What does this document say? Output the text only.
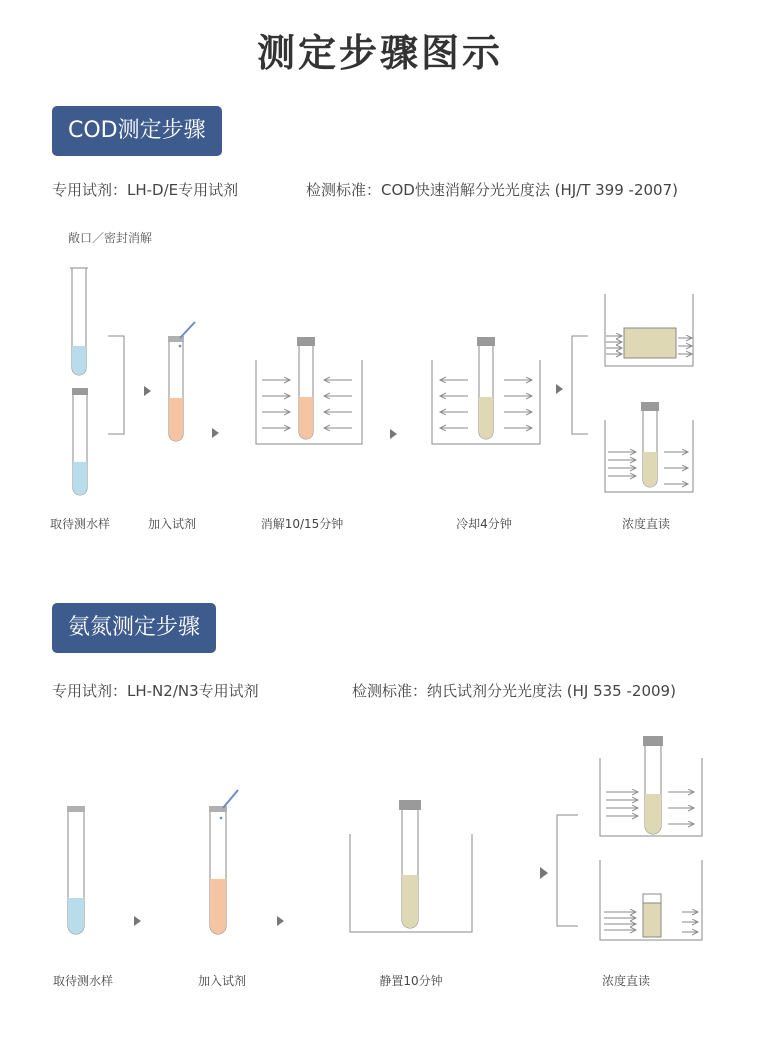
测定步骤图示
COD测定步骤
专用试剂：LH-D/E专用试剂	检测标准：COD快速消解分光光度法 (HJ/T 399 -2007)
敞口／密封消解
取待测水样	加入试剂	消解10/15分钟	冷却4分钟	浓度直读
氨氮测定步骤
专用试剂：LH-N2/N3专用试剂	检测标准：纳氏试剂分光光度法 (HJ 535 -2009)
取待测水样	加入试剂	静置10分钟	浓度直读
